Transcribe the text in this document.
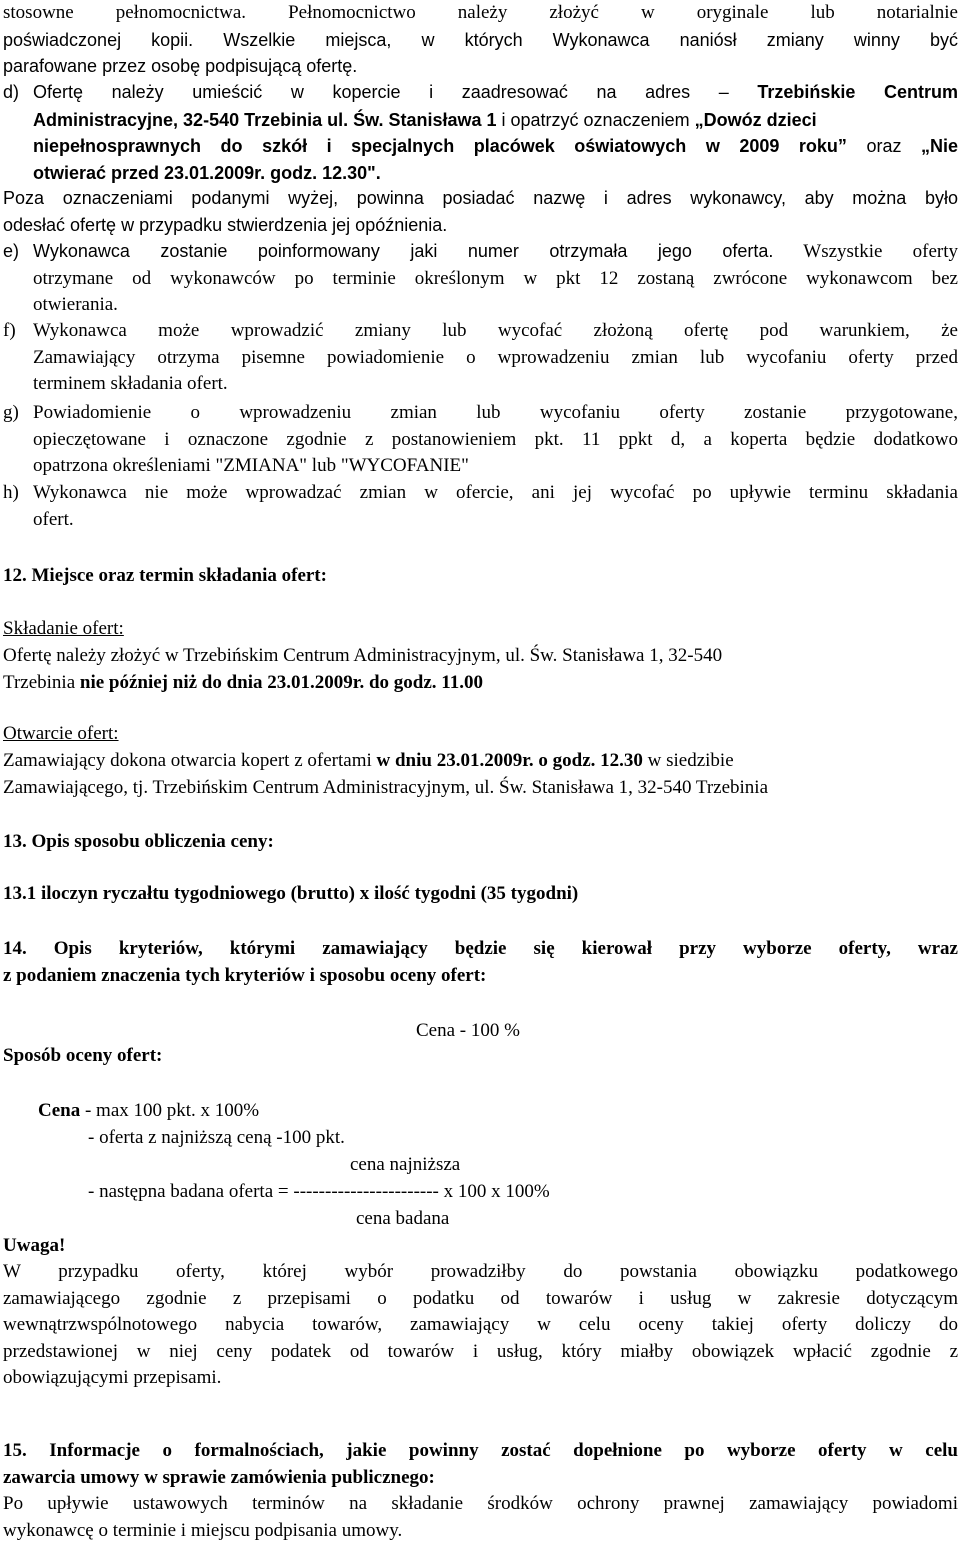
stosowne pełnomocnictwa. Pełnomocnictwo należy złożyć w oryginale lub notarialnie
poświadczonej kopii. Wszelkie miejsca, w których Wykonawca naniósł zmiany winny być
parafowane przez osobę podpisującą ofertę.

d) Ofertę należy umieścić w kopercie i zaadresować na adres – Trzebińskie Centrum
Administracyjne, 32-540 Trzebinia ul. Św. Stanisława 1 i opatrzyć oznaczeniem „Dowóz dzieci
niepełnosprawnych do szkół i specjalnych placówek oświatowych w 2009 roku” oraz „Nie
otwierać przed 23.01.2009r. godz. 12.30".

Poza oznaczeniami podanymi wyżej, powinna posiadać nazwę i adres wykonawcy, aby można było
odesłać ofertę w przypadku stwierdzenia jej opóźnienia.

e) Wykonawca zostanie poinformowany jaki numer otrzymała jego oferta. Wszystkie oferty
otrzymane od wykonawców po terminie określonym w pkt 12 zostaną zwrócone wykonawcom bez
otwierania.

f) Wykonawca może wprowadzić zmiany lub wycofać złożoną ofertę pod warunkiem, że
Zamawiający otrzyma pisemne powiadomienie o wprowadzeniu zmian lub wycofaniu oferty przed
terminem składania ofert.

g) Powiadomienie o wprowadzeniu zmian lub wycofaniu oferty zostanie przygotowane,
opieczętowane i oznaczone zgodnie z postanowieniem pkt. 11 ppkt d, a koperta będzie dodatkowo
opatrzona określeniami "ZMIANA" lub "WYCOFANIE"

h) Wykonawca nie może wprowadzać zmian w ofercie, ani jej wycofać po upływie terminu składania
ofert.

12. Miejsce oraz termin składania ofert:
Składanie ofert:

Ofertę należy złożyć w Trzebińskim Centrum Administracyjnym, ul. Św. Stanisława 1, 32-540
Trzebinia nie później niż do dnia 23.01.2009r. do godz. 11.00

Otwarcie ofert:

Zamawiający dokona otwarcia kopert z ofertami w dniu 23.01.2009r. o godz. 12.30 w siedzibie
Zamawiającego, tj. Trzebińskim Centrum Administracyjnym, ul. Św. Stanisława 1, 32-540 Trzebinia

13. Opis sposobu obliczenia ceny:
13.1 iloczyn ryczałtu tygodniowego (brutto) x ilość tygodni (35 tygodni)

14. Opis kryteriów, którymi zamawiający będzie się kierował przy wyborze oferty, wraz
z podaniem znaczenia tych kryteriów i sposobu oceny ofert:

Cena - 100 %
Sposób oceny ofert:
Cena - max 100 pkt. x 100%
- oferta z najniższą ceną -100 pkt.
cena najniższa
- następna badana oferta = ----------------------- x 100 x 100%
cena badana
Uwaga!

W przypadku oferty, której wybór prowadziłby do powstania obowiązku podatkowego
zamawiającego zgodnie z przepisami o podatku od towarów i usług w zakresie dotyczącym
wewnątrzwspólnotowego nabycia towarów, zamawiający w celu oceny takiej oferty doliczy do
przedstawionej w niej ceny podatek od towarów i usług, który miałby obowiązek wpłacić zgodnie z
obowiązującymi przepisami.

15. Informacje o formalnościach, jakie powinny zostać dopełnione po wyborze oferty w celu
zawarcia umowy w sprawie zamówienia publicznego:

Po upływie ustawowych terminów na składanie środków ochrony prawnej zamawiający powiadomi
wykonawcę o terminie i miejscu podpisania umowy.
